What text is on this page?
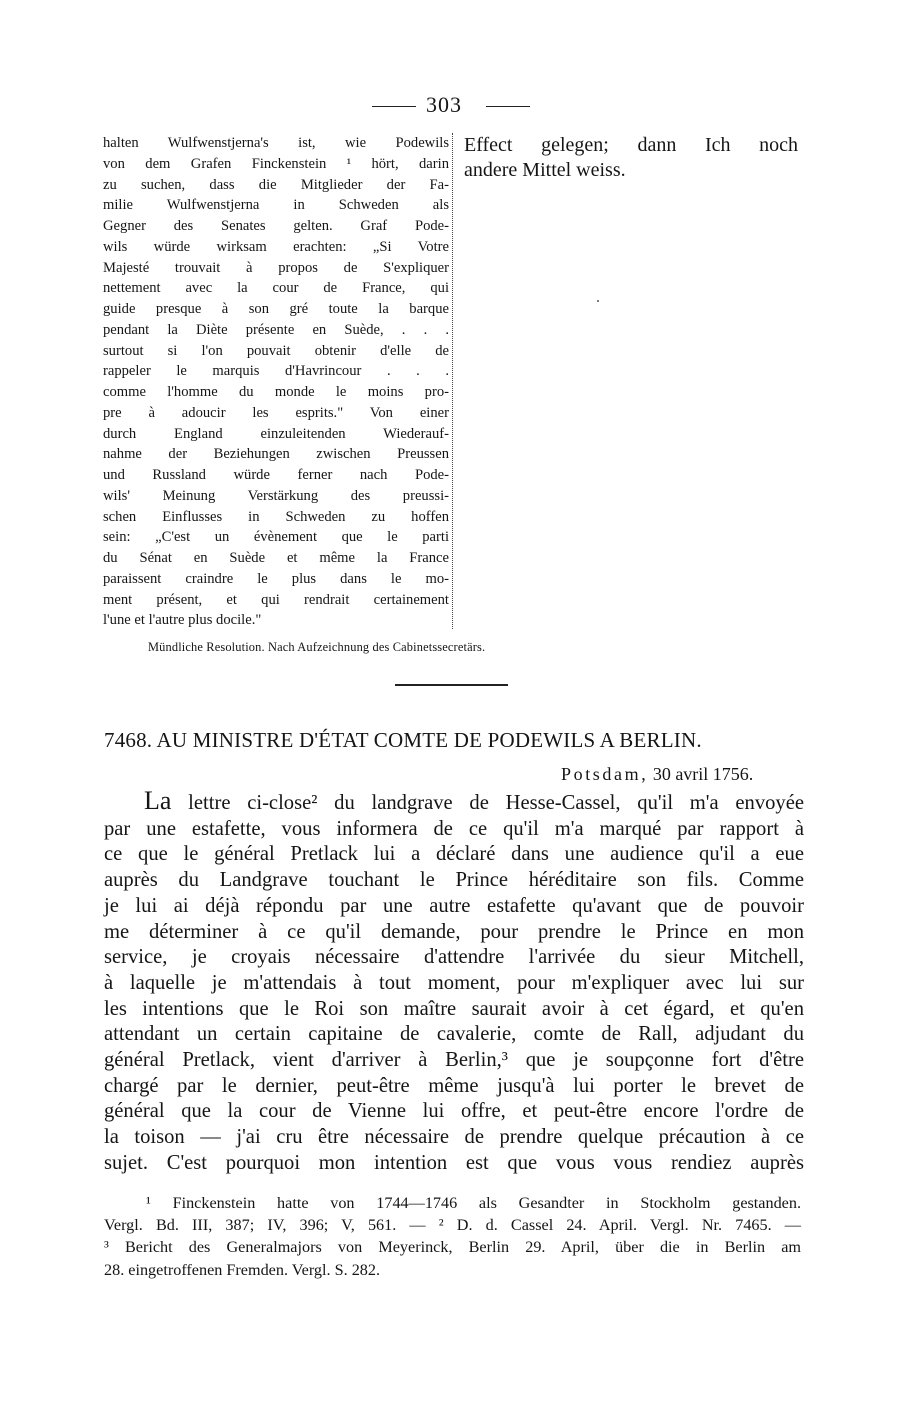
303
halten Wulfwenstjerna's ist, wie Podewils
von dem Grafen Finckenstein ¹ hört, darin
zu suchen, dass die Mitglieder der Fa-
milie Wulfwenstjerna in Schweden als
Gegner des Senates gelten. Graf Pode-
wils würde wirksam erachten: „Si Votre
Majesté trouvait à propos de S'expliquer
nettement avec la cour de France, qui
guide presque à son gré toute la barque
pendant la Diète présente en Suède, . . .
surtout si l'on pouvait obtenir d'elle de
rappeler le marquis d'Havrincour . . .
comme l'homme du monde le moins pro-
pre à adoucir les esprits." Von einer
durch England einzuleitenden Wiederauf-
nahme der Beziehungen zwischen Preussen
und Russland würde ferner nach Pode-
wils' Meinung Verstärkung des preussi-
schen Einflusses in Schweden zu hoffen
sein: „C'est un évènement que le parti
du Sénat en Suède et même la France
paraissent craindre le plus dans le mo-
ment présent, et qui rendrait certainement
l'une et l'autre plus docile."
Effect gelegen; dann Ich noch
andere Mittel weiss.
Mündliche Resolution. Nach Aufzeichnung des Cabinetssecretärs.
7468. AU MINISTRE D'ÉTAT COMTE DE PODEWILS A BERLIN.
Potsdam, 30 avril 1756.
La lettre ci-close² du landgrave de Hesse-Cassel, qu'il m'a envoyée
par une estafette, vous informera de ce qu'il m'a marqué par rapport à
ce que le général Pretlack lui a déclaré dans une audience qu'il a eue
auprès du Landgrave touchant le Prince héréditaire son fils. Comme
je lui ai déjà répondu par une autre estafette qu'avant que de pouvoir
me déterminer à ce qu'il demande, pour prendre le Prince en mon
service, je croyais nécessaire d'attendre l'arrivée du sieur Mitchell,
à laquelle je m'attendais à tout moment, pour m'expliquer avec lui sur
les intentions que le Roi son maître saurait avoir à cet égard, et qu'en
attendant un certain capitaine de cavalerie, comte de Rall, adjudant du
général Pretlack, vient d'arriver à Berlin,³ que je soupçonne fort d'être
chargé par le dernier, peut-être même jusqu'à lui porter le brevet de
général que la cour de Vienne lui offre, et peut-être encore l'ordre de
la toison — j'ai cru être nécessaire de prendre quelque précaution à ce
sujet. C'est pourquoi mon intention est que vous vous rendiez auprès
¹ Finckenstein hatte von 1744—1746 als Gesandter in Stockholm gestanden.
Vergl. Bd. III, 387; IV, 396; V, 561. — ² D. d. Cassel 24. April. Vergl. Nr. 7465. —
³ Bericht des Generalmajors von Meyerinck, Berlin 29. April, über die in Berlin am
28. eingetroffenen Fremden. Vergl. S. 282.
